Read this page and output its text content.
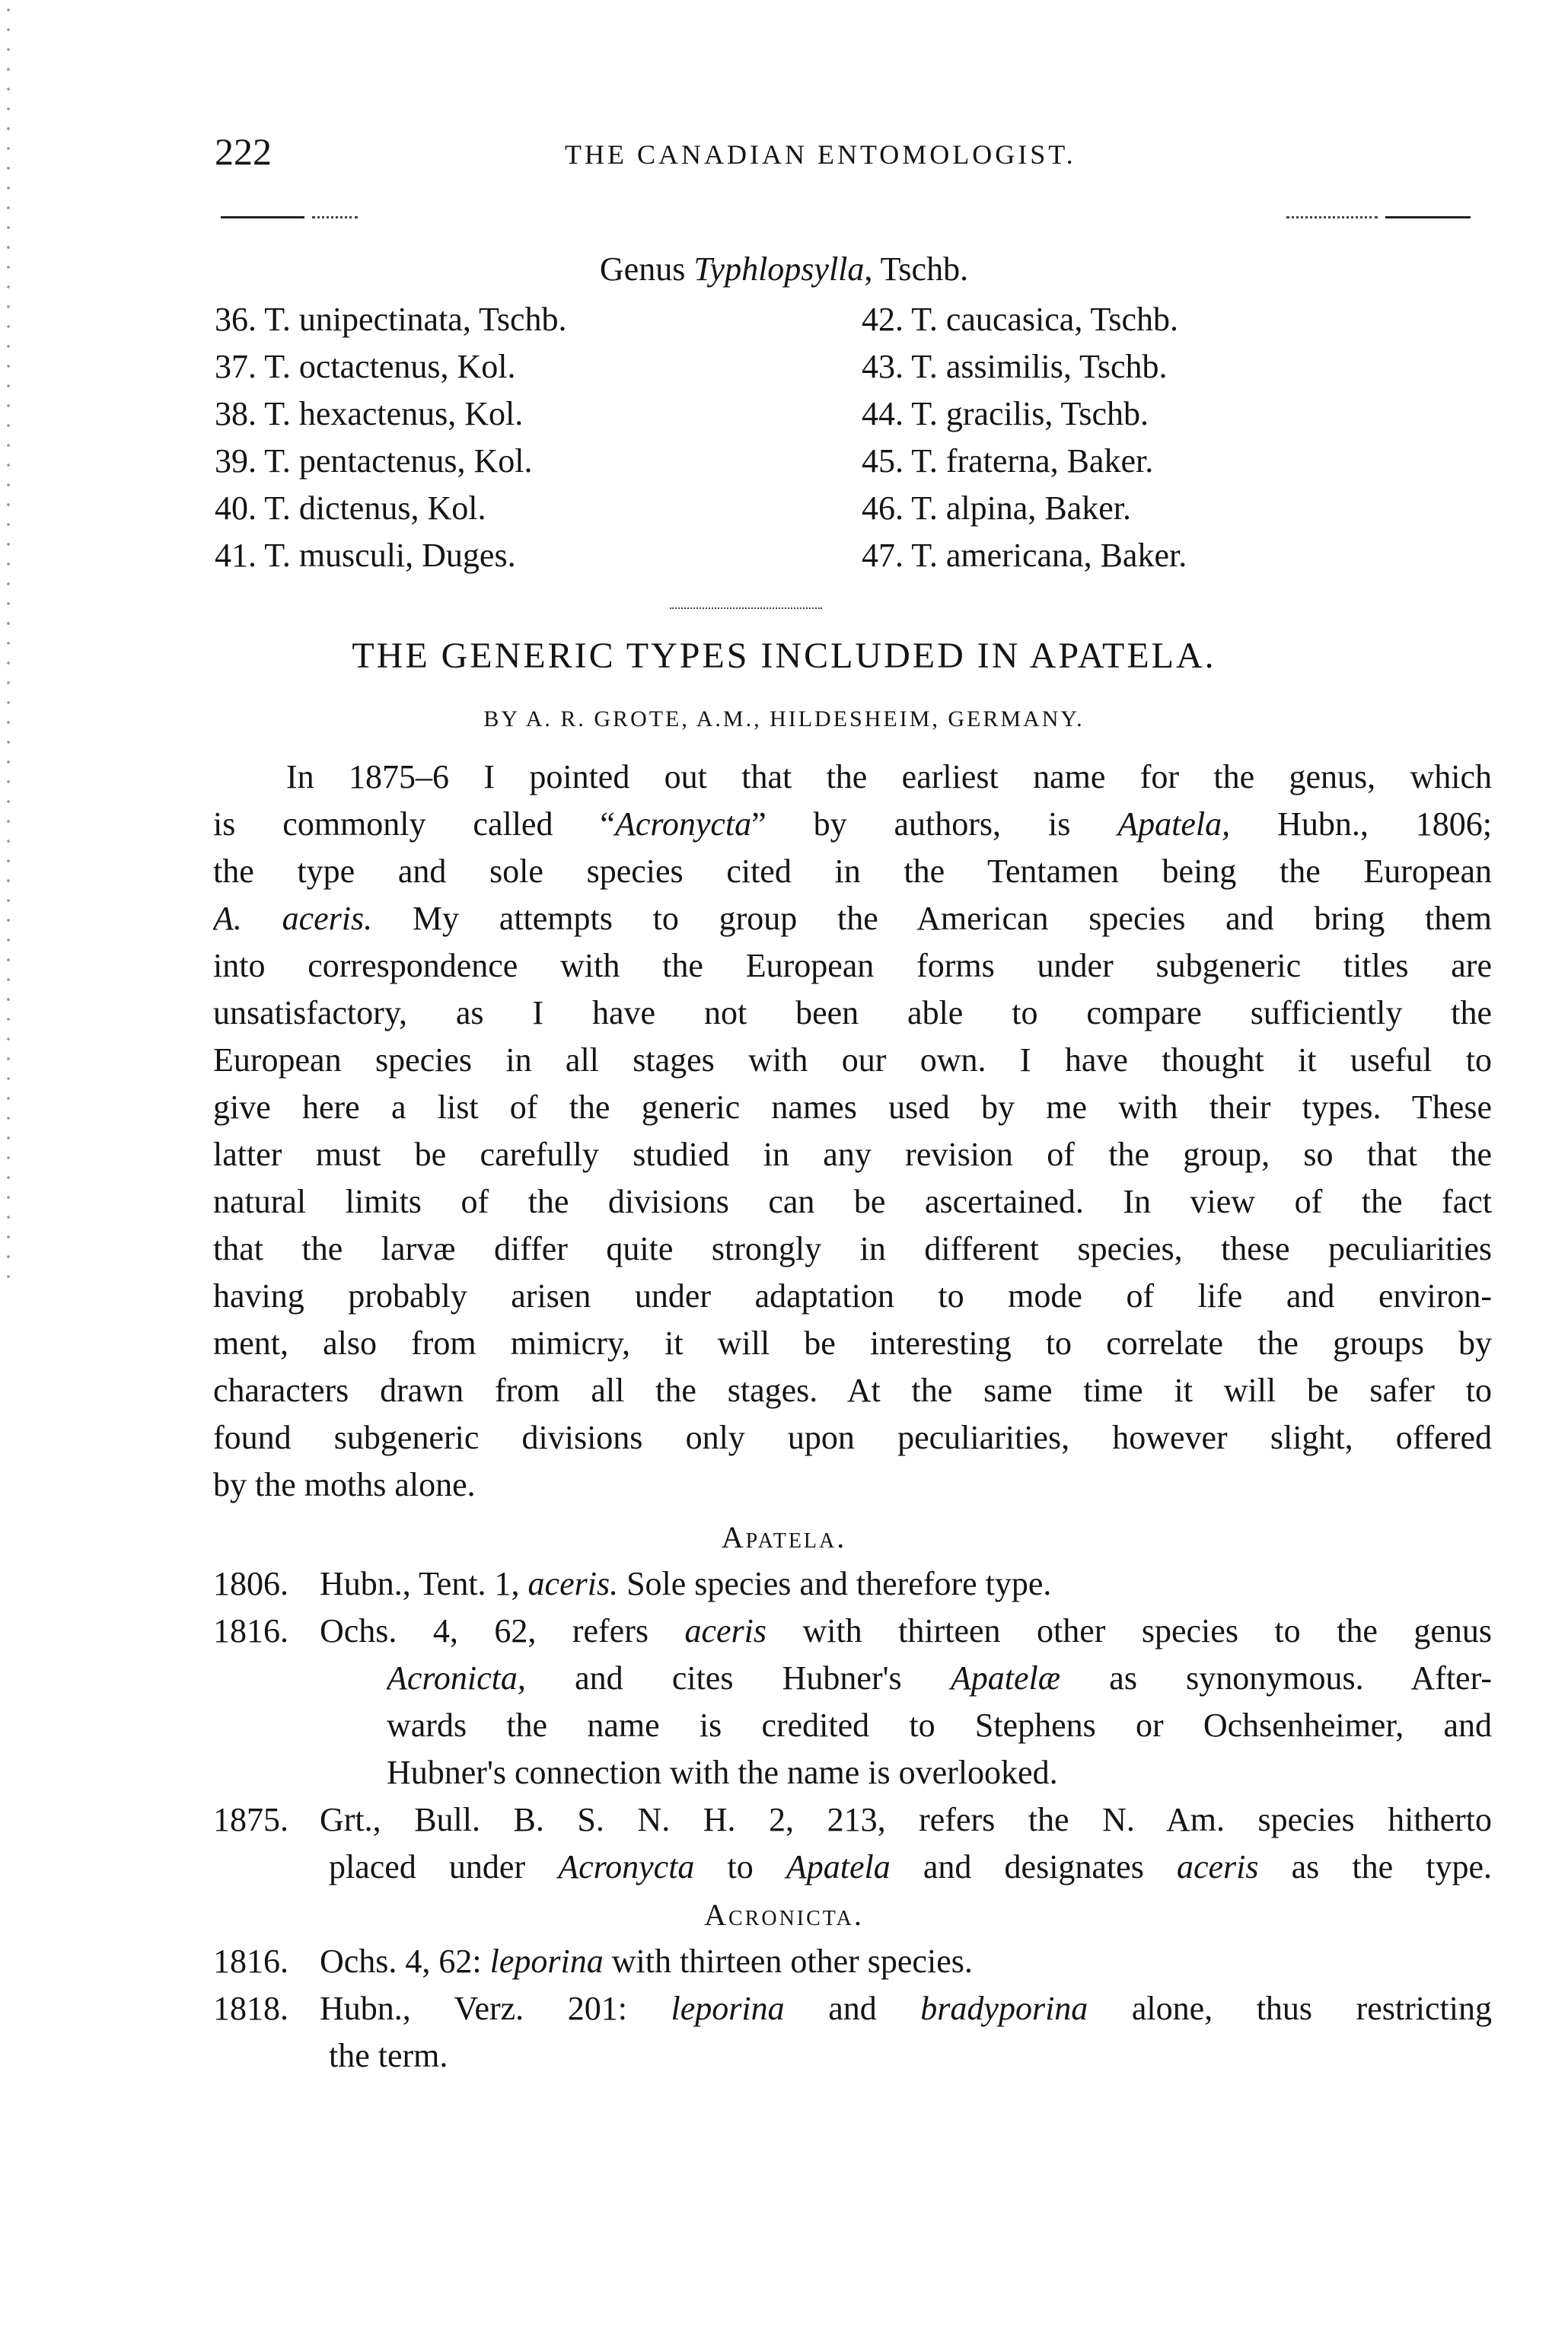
222	THE CANADIAN ENTOMOLOGIST.
Genus Typhlopsylla, Tschb.
36. T. unipectinata, Tschb.
37. T. octactenus, Kol.
38. T. hexactenus, Kol.
39. T. pentactenus, Kol.
40. T. dictenus, Kol.
41. T. musculi, Duges.
42. T. caucasica, Tschb.
43. T. assimilis, Tschb.
44. T. gracilis, Tschb.
45. T. fraterna, Baker.
46. T. alpina, Baker.
47. T. americana, Baker.
THE GENERIC TYPES INCLUDED IN APATELA.
BY A. R. GROTE, A.M., HILDESHEIM, GERMANY.
In 1875–6 I pointed out that the earliest name for the genus, which
is commonly called “Acronycta” by authors, is Apatela, Hubn., 1806;
the type and sole species cited in the Tentamen being the European
A. aceris. My attempts to group the American species and bring them
into correspondence with the European forms under subgeneric titles are
unsatisfactory, as I have not been able to compare sufficiently the
European species in all stages with our own. I have thought it useful to
give here a list of the generic names used by me with their types. These
latter must be carefully studied in any revision of the group, so that the
natural limits of the divisions can be ascertained. In view of the fact
that the larvæ differ quite strongly in different species, these peculiarities
having probably arisen under adaptation to mode of life and environ-
ment, also from mimicry, it will be interesting to correlate the groups by
characters drawn from all the stages. At the same time it will be safer to
found subgeneric divisions only upon peculiarities, however slight, offered
by the moths alone.
Apatela.
1806. Hubn., Tent. 1, aceris. Sole species and therefore type.
1816. Ochs. 4, 62, refers aceris with thirteen other species to the genus
Acronicta, and cites Hubner's Apatelæ as synonymous. After-
wards the name is credited to Stephens or Ochsenheimer, and
Hubner's connection with the name is overlooked.
1875. Grt., Bull. B. S. N. H. 2, 213, refers the N. Am. species hitherto
placed under Acronycta to Apatela and designates aceris as the type.
Acronicta.
1816. Ochs. 4, 62: leporina with thirteen other species.
1818. Hubn., Verz. 201: leporina and bradyporina alone, thus restricting
the term.
